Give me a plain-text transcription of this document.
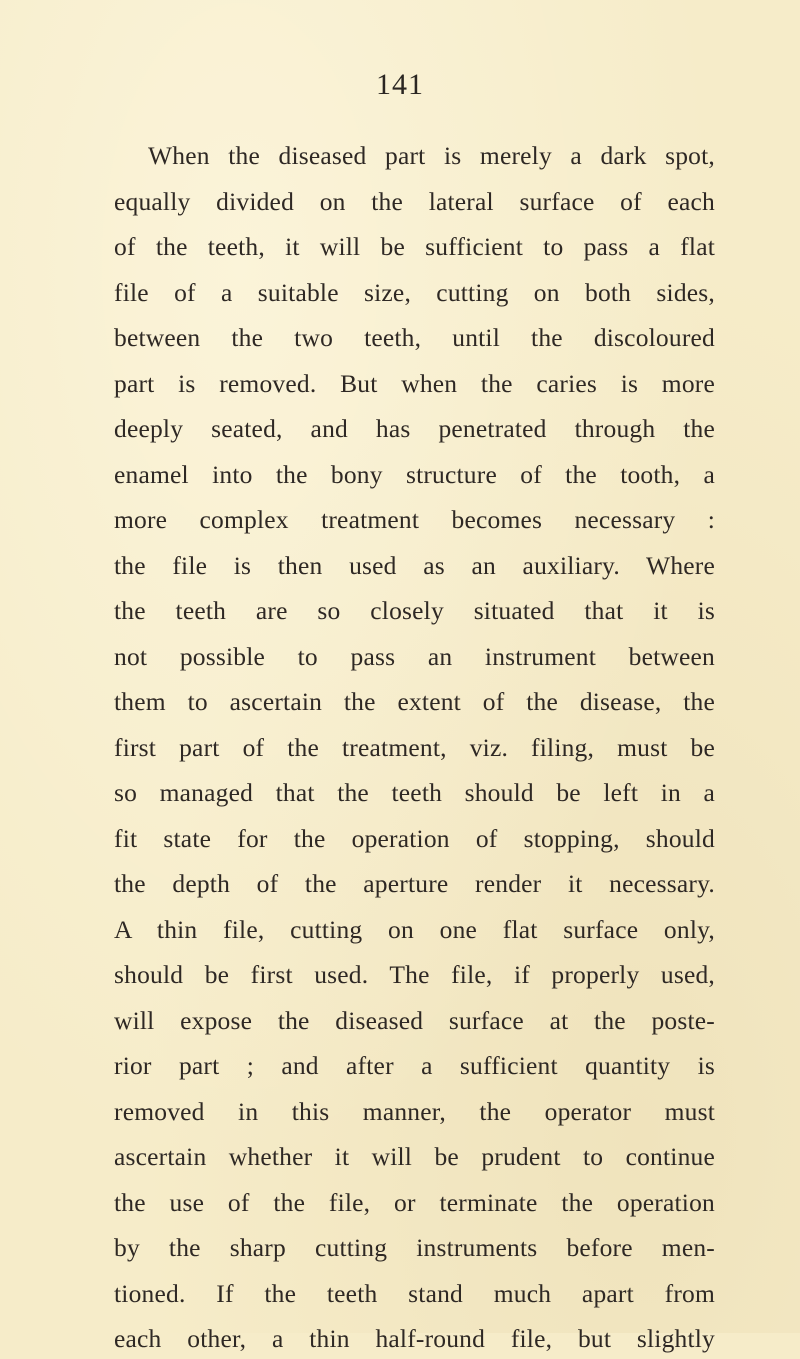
141
When the diseased part is merely a dark spot,
equally divided on the lateral surface of each
of the teeth, it will be sufficient to pass a flat
file of a suitable size, cutting on both sides,
between the two teeth, until the discoloured
part is removed. But when the caries is more
deeply seated, and has penetrated through the
enamel into the bony structure of the tooth, a
more complex treatment becomes necessary :
the file is then used as an auxiliary. Where
the teeth are so closely situated that it is
not possible to pass an instrument between
them to ascertain the extent of the disease, the
first part of the treatment, viz. filing, must be
so managed that the teeth should be left in a
fit state for the operation of stopping, should
the depth of the aperture render it necessary.
A thin file, cutting on one flat surface only,
should be first used. The file, if properly used,
will expose the diseased surface at the poste-
rior part ; and after a sufficient quantity is
removed in this manner, the operator must
ascertain whether it will be prudent to continue
the use of the file, or terminate the operation
by the sharp cutting instruments before men-
tioned. If the teeth stand much apart from
each other, a thin half-round file, but slightly
